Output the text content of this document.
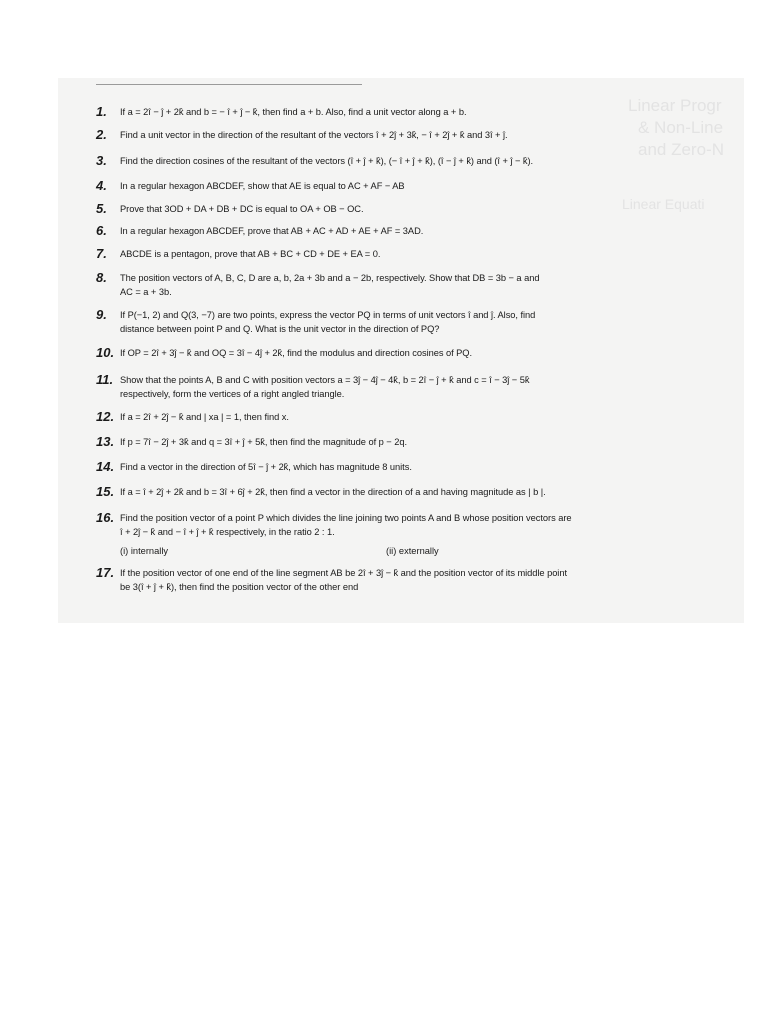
Linear Progr
& Non-Line
and Zero-N
Linear Equati
1.	If a = 2î − ĵ + 2k̂ and b = − î + ĵ − k̂, then find a + b. Also, find a unit vector along a + b.
2.	Find a unit vector in the direction of the resultant of the vectors î + 2ĵ + 3k̂, − î + 2ĵ + k̂ and 3î + ĵ.
3.	Find the direction cosines of the resultant of the vectors (î + ĵ + k̂), (− î + ĵ + k̂), (î − ĵ + k̂) and (î + ĵ − k̂).
4.	In a regular hexagon ABCDEF, show that AE is equal to AC + AF − AB
5.	Prove that 3OD + DA + DB + DC is equal to OA + OB − OC.
6.	In a regular hexagon ABCDEF, prove that AB + AC + AD + AE + AF = 3AD.
7.	ABCDE is a pentagon, prove that AB + BC + CD + DE + EA = 0.
8.	The position vectors of A, B, C, D are a, b, 2a + 3b and a − 2b, respectively. Show that DB = 3b − a and
AC = a + 3b.
9.	If P(−1, 2) and Q(3, −7) are two points, express the vector PQ in terms of unit vectors î and ĵ. Also, find
distance between point P and Q. What is the unit vector in the direction of PQ?
10. If OP = 2î + 3ĵ − k̂ and OQ = 3î − 4ĵ + 2k̂, find the modulus and direction cosines of PQ.
11. Show that the points A, B and C with position vectors a = 3ĵ − 4ĵ − 4k̂, b = 2î − ĵ + k̂ and c = î − 3ĵ − 5k̂
respectively, form the vertices of a right angled triangle.
12. If a = 2î + 2ĵ − k̂ and | xa | = 1, then find x.
13. If p = 7î − 2ĵ + 3k̂ and q = 3î + ĵ + 5k̂, then find the magnitude of p − 2q.
14. Find a vector in the direction of 5î − ĵ + 2k̂, which has magnitude 8 units.
15. If a = î + 2ĵ + 2k̂ and b = 3î + 6ĵ + 2k̂, then find a vector in the direction of a and having magnitude as | b |.
16. Find the position vector of a point P which divides the line joining two points A and B whose position vectors are
î + 2ĵ − k̂ and − î + ĵ + k̂ respectively, in the ratio 2 : 1.
(i) internally	(ii) externally
17. If the position vector of one end of the line segment AB be 2î + 3ĵ − k̂ and the position vector of its middle point
be 3(î + ĵ + k̂), then find the position vector of the other end
